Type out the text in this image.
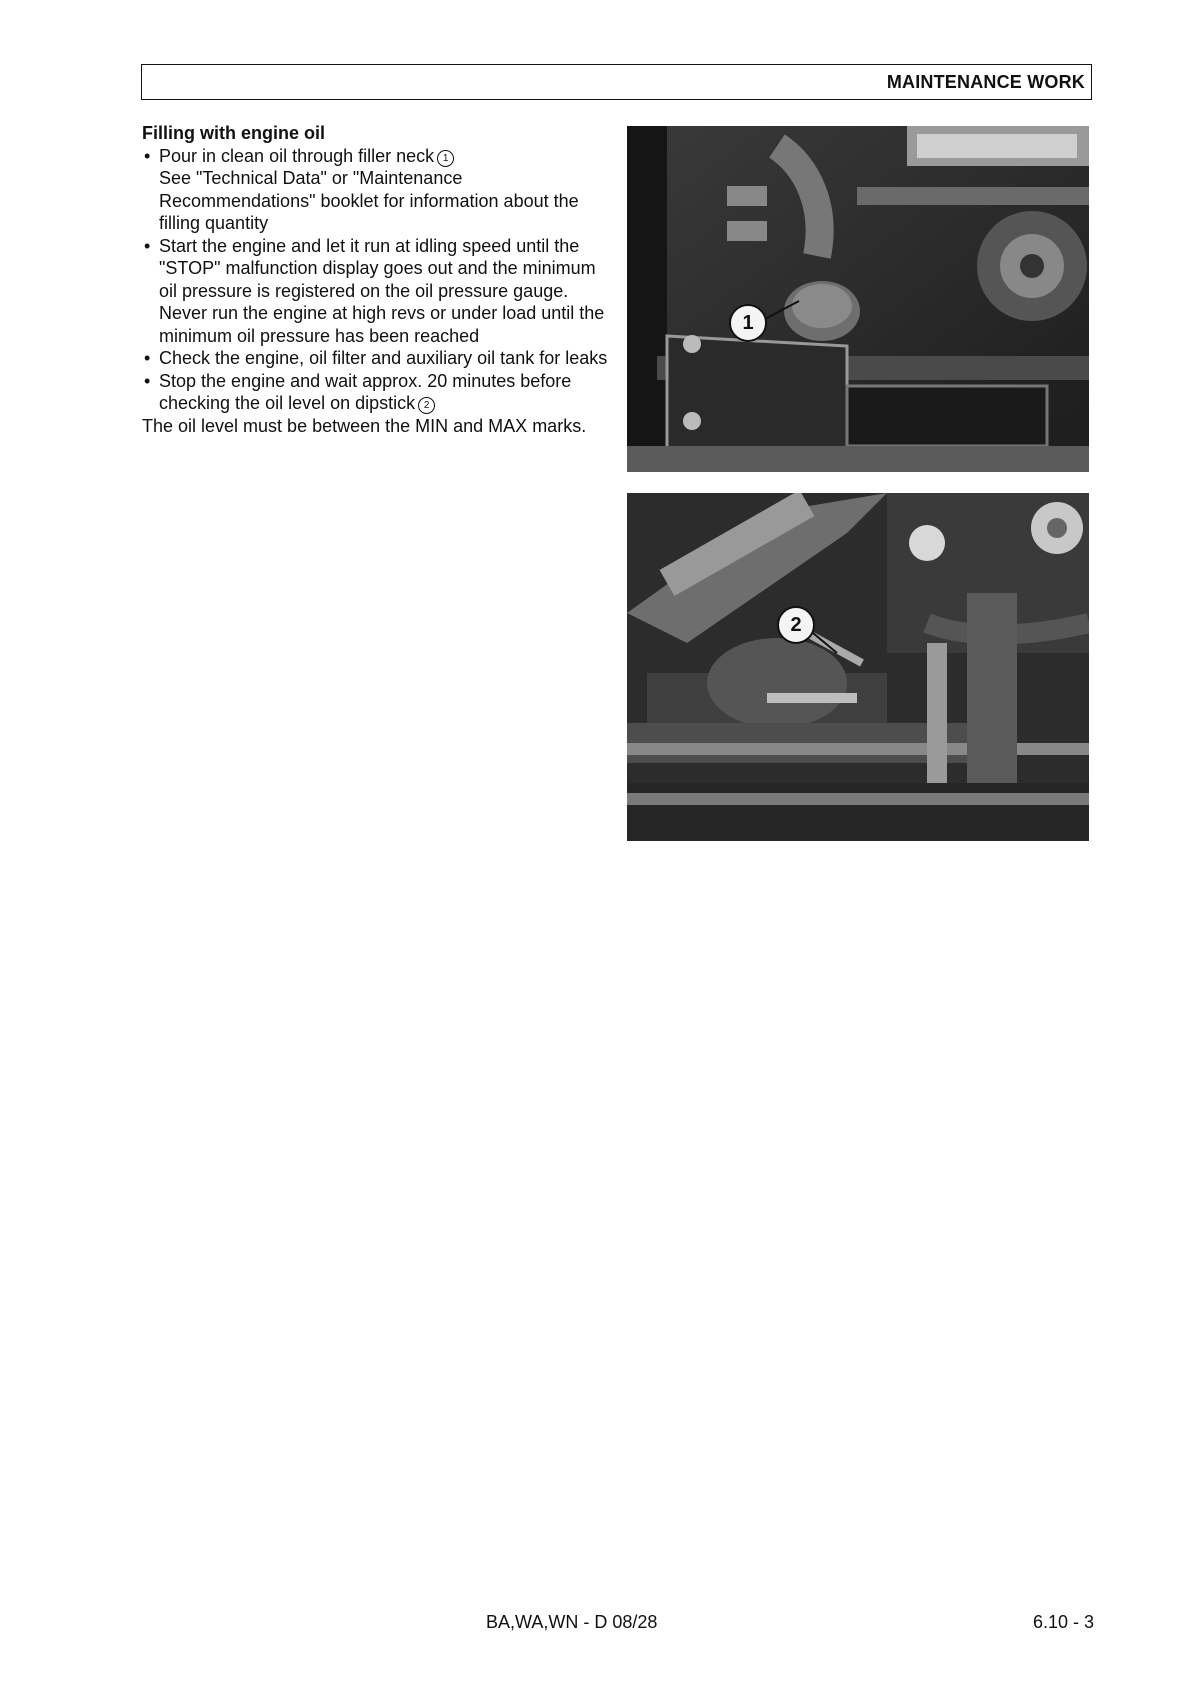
MAINTENANCE WORK

Filling with engine oil

• Pour in clean oil through filler neck 1
See "Technical Data" or "Maintenance Recommendations" booklet for information about the filling quantity
• Start the engine and let it run at idling speed until the "STOP" malfunction display goes out and the minimum oil pressure is registered on the oil pressure gauge. Never run the engine at high revs or under load until the minimum oil pressure has been reached
• Check the engine, oil filter and auxiliary oil tank for leaks
• Stop the engine and wait approx. 20 minutes before checking the oil level on dipstick 2

The oil level must be between the MIN and MAX marks.

1
2
BA,WA,WN - D 08/28	6.10 - 3
